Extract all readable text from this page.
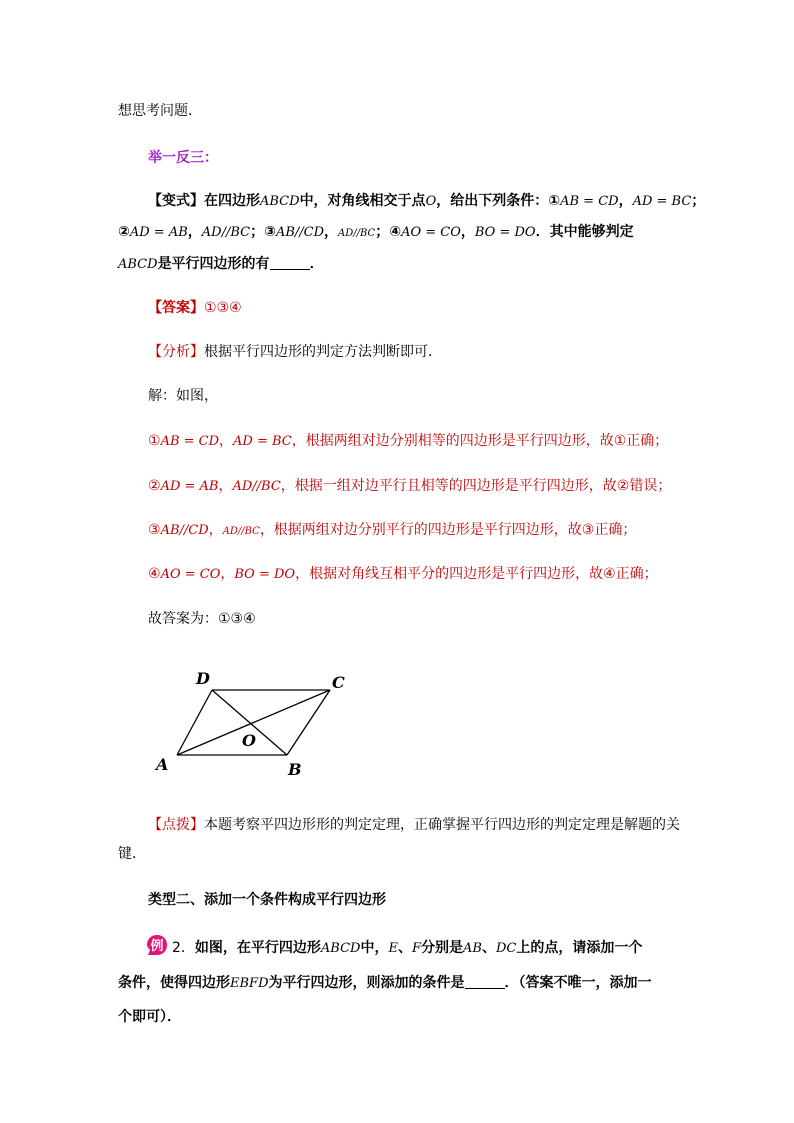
想思考问题．
举一反三：
【变式】在四边形ABCD中，对角线相交于点O，给出下列条件：①AB = CD，AD = BC；
②AD = AB，AD//BC；③AB//CD，AD//BC；④AO = CO，BO = DO．其中能够判定
ABCD是平行四边形的有	．
【答案】①③④
【分析】根据平行四边形的判定方法判断即可．
解：如图，
①AB = CD，AD = BC，根据两组对边分别相等的四边形是平行四边形，故①正确；
②AD = AB，AD//BC，根据一组对边平行且相等的四边形是平行四边形，故②错误；
③AB//CD，AD//BC，根据两组对边分别平行的四边形是平行四边形，故③正确；
④AO = CO，BO = DO，根据对角线互相平分的四边形是平行四边形，故④正确；
故答案为：①③④
A	B
C
D
O
【点拨】本题考察平四边形形的判定定理，正确掌握平行四边形的判定定理是解题的关
键．
类型二、添加一个条件构成平行四边形
例 2．如图，在平行四边形ABCD中，E、F分别是AB、DC上的点，请添加一个
条件，使得四边形EBFD为平行四边形，则添加的条件是	．（答案不唯一，添加一
个即可）．
